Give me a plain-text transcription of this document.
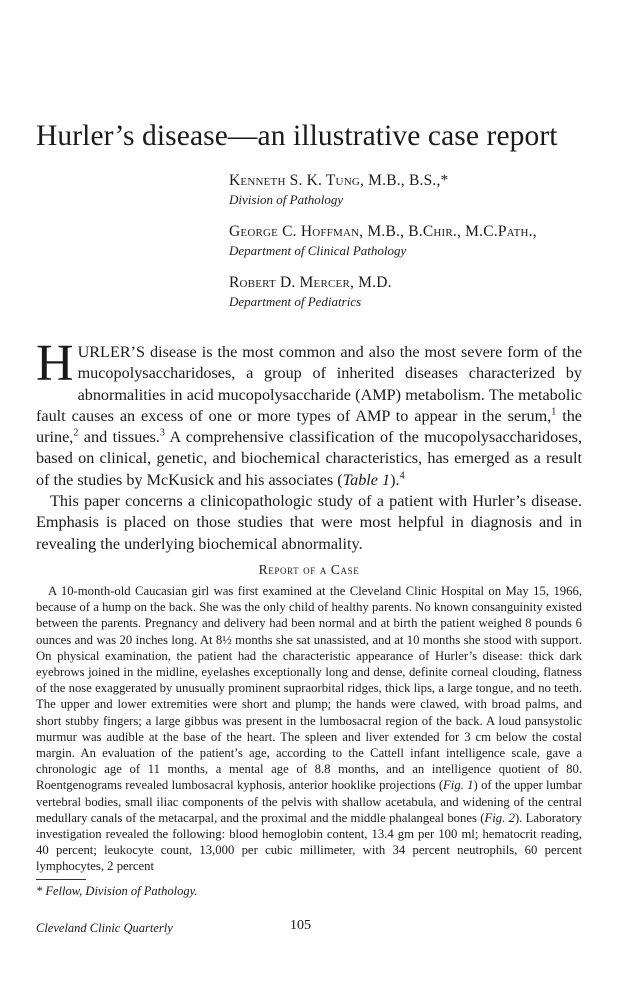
Hurler’s disease—an illustrative case report
Kenneth S. K. Tung, M.B., B.S.,*
Division of Pathology
George C. Hoffman, M.B., B.Chir., M.C.Path.,
Department of Clinical Pathology
Robert D. Mercer, M.D.
Department of Pediatrics

HURLER’S disease is the most common and also the most severe form of the mucopolysaccharidoses, a group of inherited diseases characterized by abnormalities in acid mucopolysaccharide (AMP) metabolism. The metabolic fault causes an excess of one or more types of AMP to appear in the serum,$^1$ the urine,$^2$ and tissues.$^3$ A comprehensive classification of the mucopolysaccharidoses, based on clinical, genetic, and biochemical characteristics, has emerged as a result of the studies by McKusick and his associates (Table 1).$^4$

This paper concerns a clinicopathologic study of a patient with Hurler’s disease. Emphasis is placed on those studies that were most helpful in diagnosis and in revealing the underlying biochemical abnormality.

Report of a Case

A 10-month-old Caucasian girl was first examined at the Cleveland Clinic Hospital on May 15, 1966, because of a hump on the back. She was the only child of healthy parents. No known consanguinity existed between the parents. Pregnancy and delivery had been normal and at birth the patient weighed 8 pounds 6 ounces and was 20 inches long. At 8½ months she sat unassisted, and at 10 months she stood with support. On physical examination, the patient had the characteristic appearance of Hurler’s disease: thick dark eyebrows joined in the midline, eyelashes exceptionally long and dense, definite corneal clouding, flatness of the nose exaggerated by unusually prominent supraorbital ridges, thick lips, a large tongue, and no teeth. The upper and lower extremities were short and plump; the hands were clawed, with broad palms, and short stubby fingers; a large gibbus was present in the lumbosacral region of the back. A loud pansystolic murmur was audible at the base of the heart. The spleen and liver extended for 3 cm below the costal margin. An evaluation of the patient’s age, according to the Cattell infant intelligence scale, gave a chronologic age of 11 months, a mental age of 8.8 months, and an intelligence quotient of 80. Roentgenograms revealed lumbosacral kyphosis, anterior hooklike projections (Fig. 1) of the upper lumbar vertebral bodies, small iliac components of the pelvis with shallow acetabula, and widening of the central medullary canals of the metacarpal, and the proximal and the middle phalangeal bones (Fig. 2). Laboratory investigation revealed the following: blood hemoglobin content, 13.4 gm per 100 ml; hematocrit reading, 40 percent; leukocyte count, 13,000 per cubic millimeter, with 34 percent neutrophils, 60 percent lymphocytes, 2 percent

* Fellow, Division of Pathology.
Cleveland Clinic Quarterly	105
